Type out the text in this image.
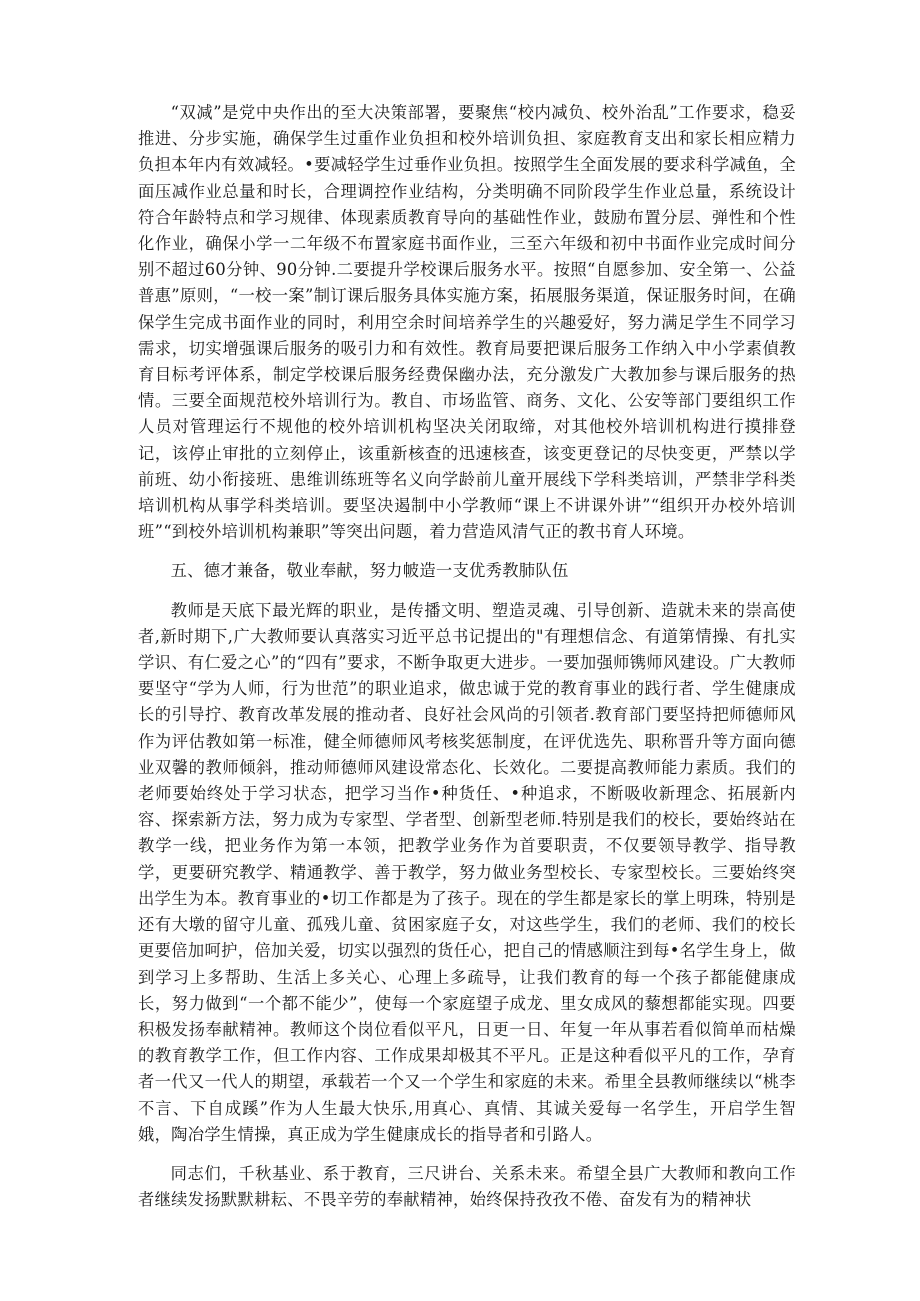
“双减”是党中央作出的至大决策部署，要聚焦“校内减负、校外治乱”工作要求，稳妥推进、分步实施，确保学生过重作业负担和校外培训负担、家庭教育支出和家长相应精力负担本年内有效减轻。•要减轻学生过垂作业负担。按照学生全面发展的要求科学减鱼，全面压减作业总量和时长，合理调控作业结构，分类明确不同阶段学生作业总量，系统设计符合年龄特点和学习规律、体现素质教育导向的基础性作业，鼓励布置分层、弹性和个性化作业，确保小学一二年级不布置家庭书面作业，三至六年级和初中书面作业完成时间分别不超过60分钟、90分钟.二要提升学校课后服务水平。按照“自愿参加、安全第一、公益普惠”原则，“一校一案”制订课后服务具体实施方案，拓展服务渠道，保证服务时间，在确保学生完成书面作业的同时，利用空余时间培养学生的兴趣爱好，努力满足学生不同学习需求，切实增强课后服务的吸引力和有效性。教育局要把课后服务工作纳入中小学素偵教育目标考评体系，制定学校课后服务经费保幽办法，充分激发广大教加参与课后服务的热情。三要全面规范校外培训行为。教自、市场监管、商务、文化、公安等部门要组织工作人员对管理运行不规他的校外培训机构坚决关闭取缔，对其他校外培训机构进行摸排登记，该停止审批的立刻停止，该重新核查的迅速核查，该变更登记的尽快变更，严禁以学前班、幼小衔接班、患维训练班等名义向学龄前儿童开展线下学科类培训，严禁非学科类培训机构从事学科类培训。要坚决遏制中小学教师“课上不讲课外讲”“组织开办校外培训班”“到校外培训机构兼职”等突出问题，着力营造风清气正的教书育人环境。

五、德才兼备，敬业奉献，努力帔造一支优秀教肺队伍

教师是天底下最光辉的职业，是传播文明、塑造灵魂、引导创新、造就未来的崇高使者,新时期下,广大教师要认真落实习近平总书记提出的"有理想信念、有道第情操、有扎实学识、有仁爱之心”的“四有”要求，不断争取更大进步。一要加强师镌师风建设。广大教师要坚守“学为人师，行为世范”的职业追求，做忠诚于党的教育事业的践行者、学生健康成长的引导拧、教育改革发展的推动者、良好社会风尚的引领者.教育部门要坚持把师德师风作为评估教如第一标准，健全师德师风考核奖惩制度，在评优选先、职称晋升等方面向德业双馨的教师倾斜，推动师德师风建设常态化、长效化。二要提高教师能力素质。我们的老师要始终处于学习状态，把学习当作•种货任、•种追求，不断吸收新理念、拓展新内容、探索新方法，努力成为专家型、学者型、创新型老师.特别是我们的校长，要始终站在教学一线，把业务作为第一本领，把教学业务作为首要职责，不仅要领导教学、指导教学，更要研究教学、精通教学、善于教学，努力做业务型校长、专家型校长。三要始终突出学生为本。教育事业的•切工作都是为了孩子。现在的学生都是家长的掌上明珠，特别是还有大墩的留守儿童、孤残儿童、贫困家庭子女，对这些学生，我们的老师、我们的校长更要倍加呵护，倍加关爱，切实以强烈的货任心，把自己的情感顺注到每•名学生身上，做到学习上多帮助、生活上多关心、心理上多疏导，让我们教育的每一个孩子都能健康成长，努力做到“一个都不能少”，使每一个家庭望子成龙、里女成风的藜想都能实现。四要积极发扬奉献精神。教师这个岗位看似平凡，日更一日、年复一年从事若看似简单而枯燥的教育教学工作，但工作内容、工作成果却极其不平凡。正是这种看似平凡的工作，孕育者一代又一代人的期望，承载若一个又一个学生和家庭的未来。希里全县教师继续以“桃李不言、下自成蹊”作为人生最大快乐,用真心、真情、其诚关爱每一名学生，开启学生智娥，陶冶学生情操，真正成为学生健康成长的指导者和引路人。

同志们，千秋基业、系于教育，三尺讲台、关系未来。希望全县广大教师和教向工作者继续发扬默默耕耘、不畏辛劳的奉献精神，始终保持孜孜不倦、奋发有为的精神状
